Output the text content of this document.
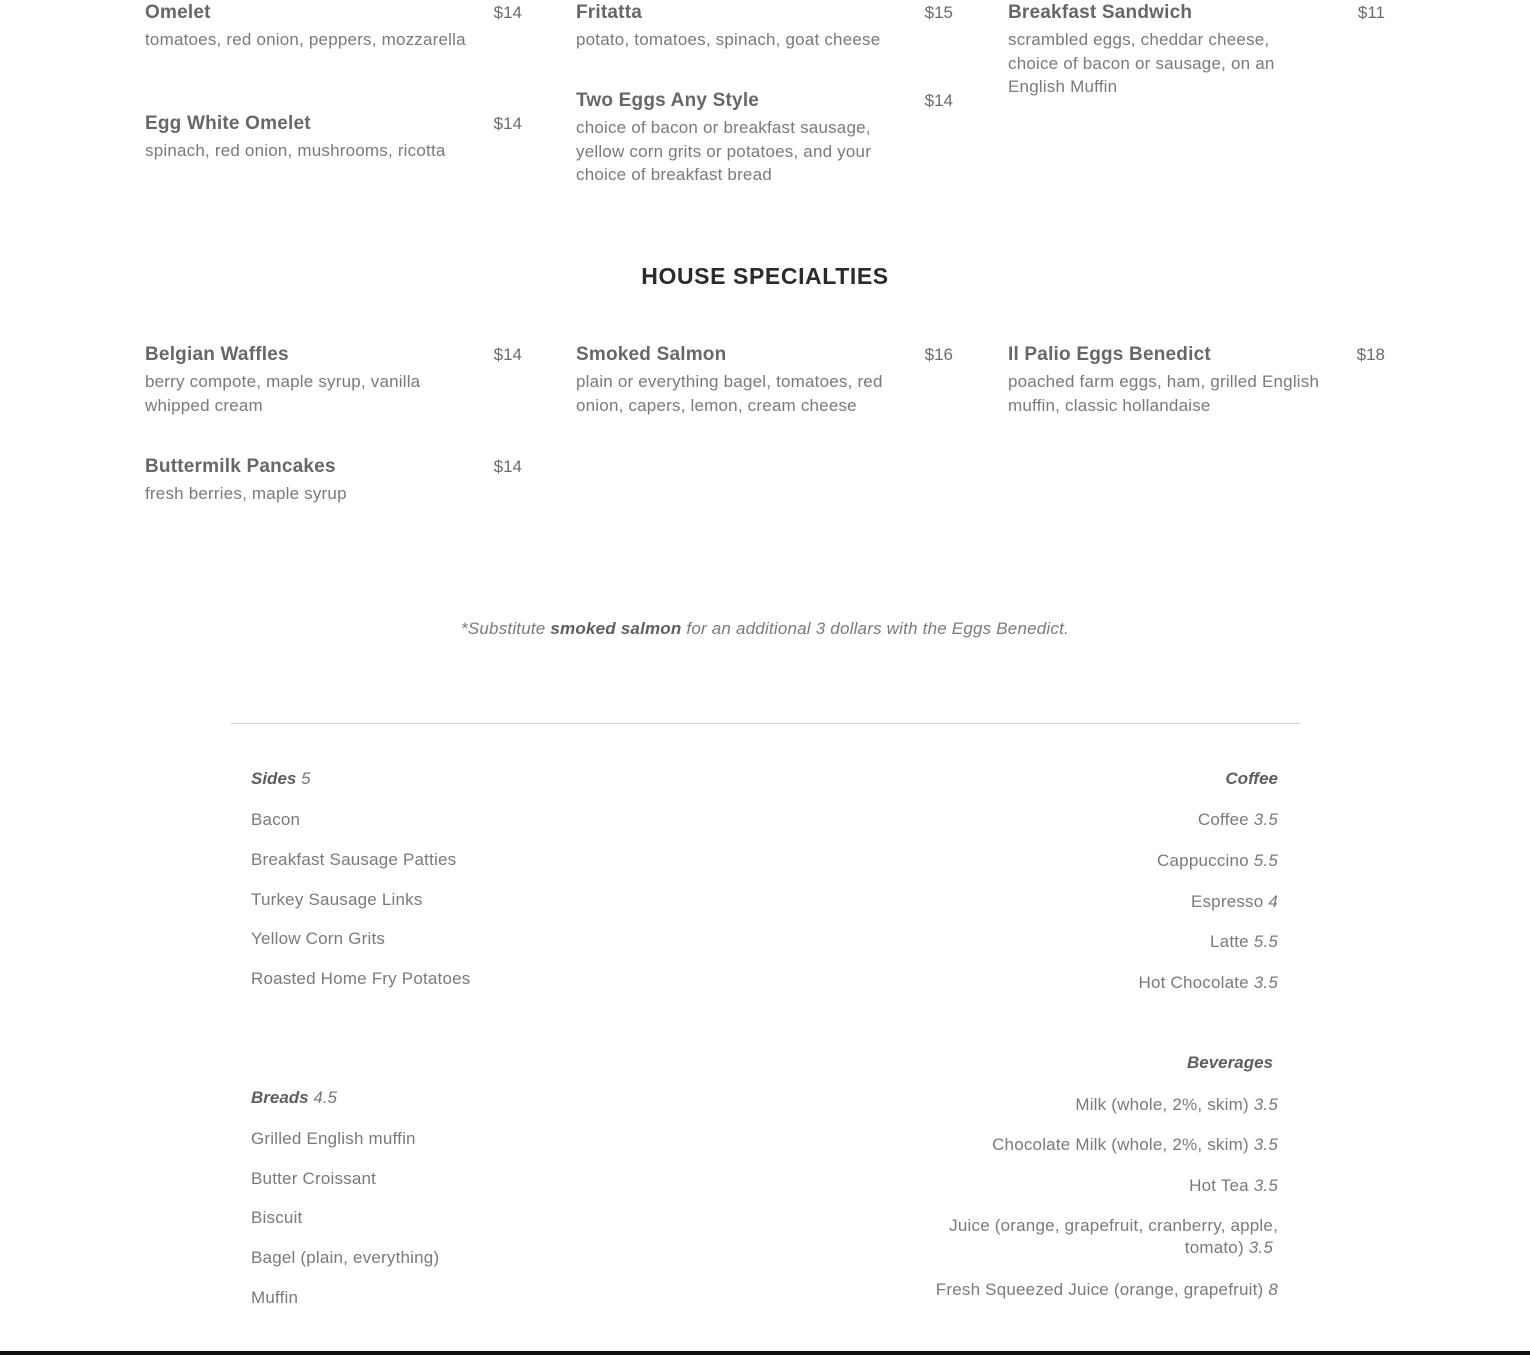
Omelet	$14
tomatoes, red onion, peppers, mozzarella
Egg White Omelet	$14
spinach, red onion, mushrooms, ricotta
Fritatta	$15
potato, tomatoes, spinach, goat cheese
Two Eggs Any Style	$14
choice of bacon or breakfast sausage, yellow corn grits or potatoes, and your choice of breakfast bread
Breakfast Sandwich	$11
scrambled eggs, cheddar cheese, choice of bacon or sausage, on an English Muffin
HOUSE SPECIALTIES
Belgian Waffles	$14
berry compote, maple syrup, vanilla whipped cream
Buttermilk Pancakes	$14
fresh berries, maple syrup
Smoked Salmon	$16
plain or everything bagel, tomatoes, red onion, capers, lemon, cream cheese
Il Palio Eggs Benedict	$18
poached farm eggs, ham, grilled English muffin, classic hollandaise
*Substitute smoked salmon for an additional 3 dollars with the Eggs Benedict.
Sides 5
Bacon
Breakfast Sausage Patties
Turkey Sausage Links
Yellow Corn Grits
Roasted Home Fry Potatoes
Breads 4.5
Grilled English muffin
Butter Croissant
Biscuit
Bagel (plain, everything)
Muffin
Coffee
Coffee 3.5
Cappuccino 5.5
Espresso 4
Latte 5.5
Hot Chocolate 3.5
Beverages
Milk (whole, 2%, skim) 3.5
Chocolate Milk (whole, 2%, skim) 3.5
Hot Tea 3.5
Juice (orange, grapefruit, cranberry, apple,
tomato) 3.5
Fresh Squeezed Juice (orange, grapefruit) 8
